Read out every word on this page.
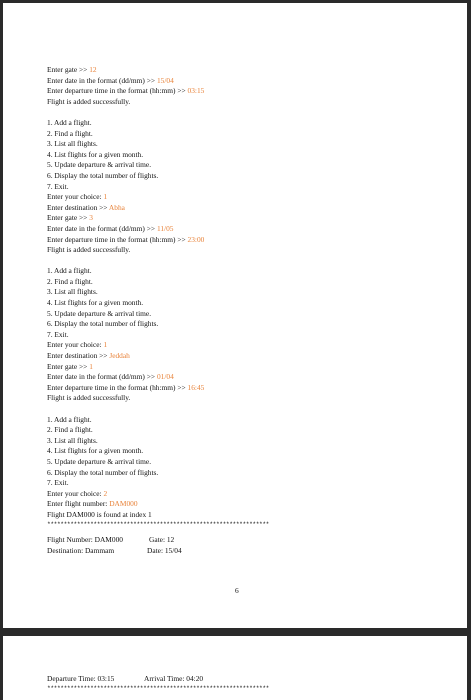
Enter gate >> 12
Enter date in the format (dd/mm) >> 15/04
Enter departure time in the format (hh:mm) >> 03:15
Flight is added successfully.
1. Add a flight.
2. Find a flight.
3. List all flights.
4. List flights for a given month.
5. Update departure & arrival time.
6. Display the total number of flights.
7. Exit.
Enter your choice: 1
Enter destination >> Abha
Enter gate >> 3
Enter date in the format (dd/mm) >> 11/05
Enter departure time in the format (hh:mm) >> 23:00
Flight is added successfully.
1. Add a flight.
2. Find a flight.
3. List all flights.
4. List flights for a given month.
5. Update departure & arrival time.
6. Display the total number of flights.
7. Exit.
Enter your choice: 1
Enter destination >> Jeddah
Enter gate >> 1
Enter date in the format (dd/mm) >> 01/04
Enter departure time in the format (hh:mm) >> 16:45
Flight is added successfully.
1. Add a flight.
2. Find a flight.
3. List all flights.
4. List flights for a given month.
5. Update departure & arrival time.
6. Display the total number of flights.
7. Exit.
Enter your choice: 2
Enter flight number: DAM000
Flight DAM000 is found at index 1
*******************************************************************
Flight Number: DAM000	Gate: 12
Destination: Dammam	Date: 15/04
6
Departure Time: 03:15	Arrival Time: 04:20
*******************************************************************
